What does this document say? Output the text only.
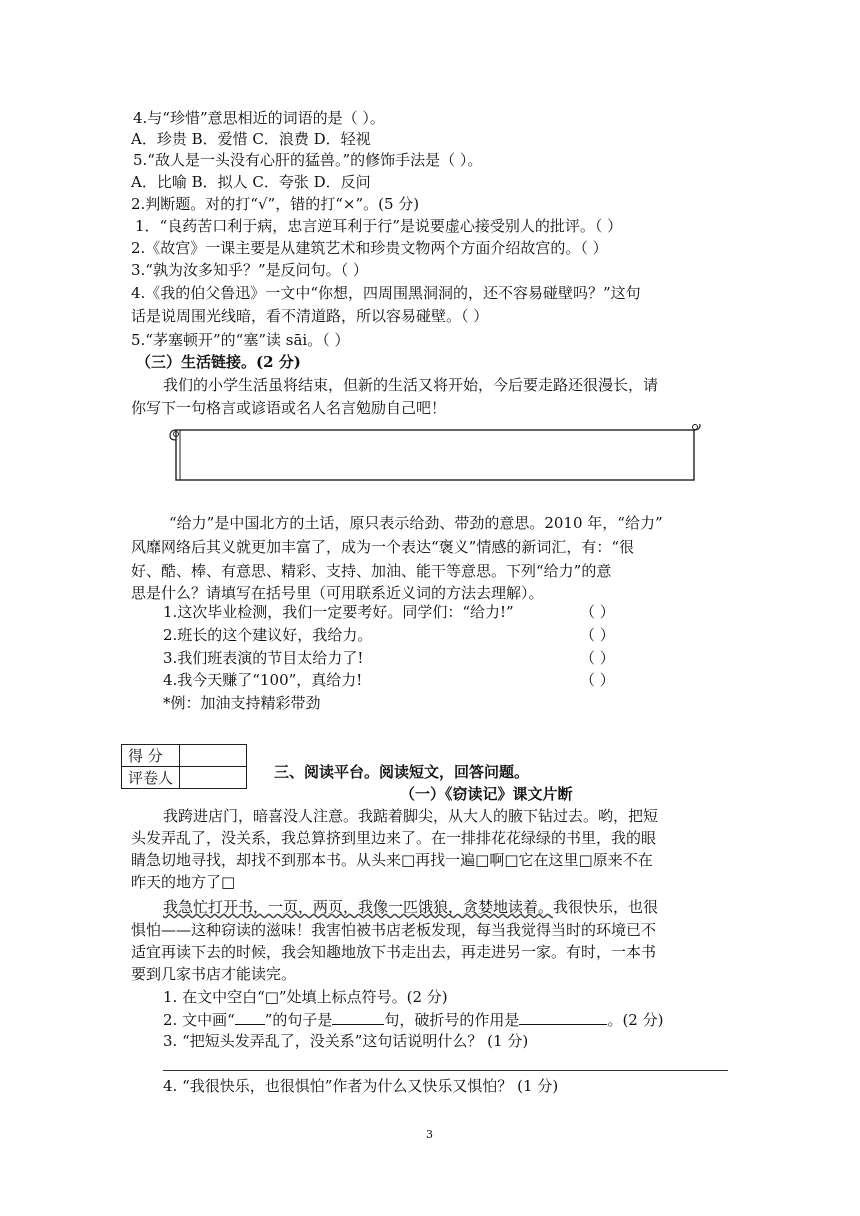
4.与“珍惜”意思相近的词语的是（ ）。
A．珍贵 B．爱惜 C．浪费 D．轻视
5.“敌人是一头没有心肝的猛兽。”的修饰手法是（ ）。
A．比喻 B．拟人 C．夸张 D．反问
2.判断题。对的打“√”，错的打“×”。(5 分)
1．“良药苦口利于病，忠言逆耳利于行”是说要虚心接受别人的批评。（ ）
2.《故宫》一课主要是从建筑艺术和珍贵文物两个方面介绍故宫的。（ ）
3.“孰为汝多知乎？”是反问句。（ ）
4.《我的伯父鲁迅》一文中“你想，四周围黑洞洞的，还不容易碰壁吗？”这句
话是说周围光线暗，看不清道路，所以容易碰壁。（ ）
5.“茅塞顿开”的“塞”读 sāi。（ ）
（三）生活链接。(2 分)
我们的小学生活虽将结束，但新的生活又将开始，今后要走路还很漫长，请
你写下一句格言或谚语或名人名言勉励自己吧！
“给力”是中国北方的土话，原只表示给劲、带劲的意思。2010 年，“给力”
风靡网络后其义就更加丰富了，成为一个表达“褒义”情感的新词汇，有：“很
好、酷、棒、有意思、精彩、支持、加油、能干等意思。下列“给力”的意
思是什么？请填写在括号里（可用联系近义词的方法去理解）。
1.这次毕业检测，我们一定要考好。同学们：“给力!”	（ ）
2.班长的这个建议好，我给力。	（ ）
3.我们班表演的节目太给力了!	（ ）
4.我今天赚了“100”，真给力!	（ ）
*例：加油支持精彩带劲
得 分	
评卷人		三、阅读平台。阅读短文，回答问题。
（一）《窃读记》课文片断
我跨进店门，暗喜没人注意。我踮着脚尖，从大人的腋下钻过去。哟，把短
头发弄乱了，没关系，我总算挤到里边来了。在一排排花花绿绿的书里，我的眼
睛急切地寻找，却找不到那本书。从头来□再找一遍□啊□它在这里□原来不在
昨天的地方了□
我急忙打开书，一页，两页，我像一匹饿狼，贪婪地读着。我很快乐，也很
惧怕——这种窃读的滋味！我害怕被书店老板发现，每当我觉得当时的环境已不
适宜再读下去的时候，我会知趣地放下书走出去，再走进另一家。有时，一本书
要到几家书店才能读完。
1. 在文中空白“□”处填上标点符号。(2 分)
2. 文中画“ ”的句子是	句，破折号的作用是	。(2 分)
3. “把短头发弄乱了，没关系”这句话说明什么？ (1 分)
4. “我很快乐，也很惧怕”作者为什么又快乐又惧怕？ (1 分)
3
